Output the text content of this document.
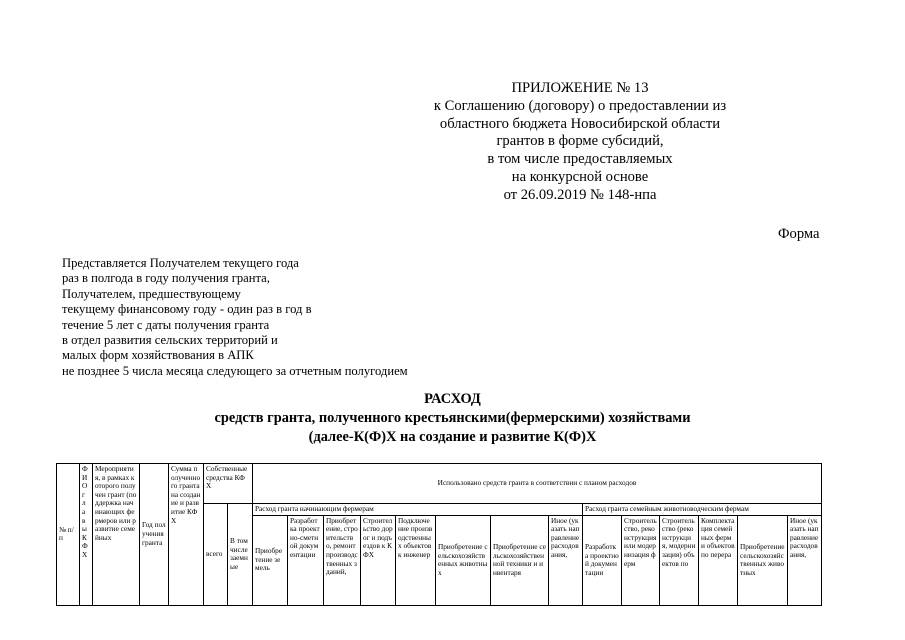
ПРИЛОЖЕНИЕ № 13
к Соглашению (договору) о предоставлении из
областного бюджета Новосибирской области
грантов в форме субсидий,
в том числе предоставляемых
на конкурсной основе
от 26.09.2019 № 148-нпа
Форма
Представляется Получателем текущего года
раз в полгода в году получения гранта,
Получателем, предшествующему
текущему финансовому году - один раз в год в
течение 5 лет с даты получения гранта
в отдел развития сельских территорий и
малых форм хозяйствования в АПК
не позднее 5 числа месяца следующего за отчетным полугодием
РАСХОД
средств гранта, полученного крестьянскими(фермерскими) хозяйствами
(далее-К(Ф)Х на создание и развитие К(Ф)Х
№ п/п	Ф И О г л а в ы К Ф Х	Мероприятия, в рамках которого получен грант (поддержка начинающих фермеров или развитие семейных	Год получения гранта	Сумма полученного гранта на создание и развитие КФХ	Собственные средства КФХ		Использовано средств гранта в соответствии с планом расходов													
					всего	В том числе заемные	Расход гранта начинающим фермерам								Расход гранта семейным животноводческим фермам					
							Приобретение земель	Разработка проектно-сметной документации	Приобретение, строительство, ремонт производственных зданий,	Строительство дорог и подъездов к КФХ	Подключение производственных объектов к инженер	Приобретение сельскохозяйственных животных	Приобретение сельскохозяйственной техники и инвентаря	Иное (указать направление расходования,	Разработка проектной документации	Строительство, реконструкция или модернизация ферм	Строительство (реконструкция, модернизация) объектов по	Комплектация семейных ферм и объектов по перера	Приобретение сельскохозяйственных животных	Иное (указать направление расходования,
